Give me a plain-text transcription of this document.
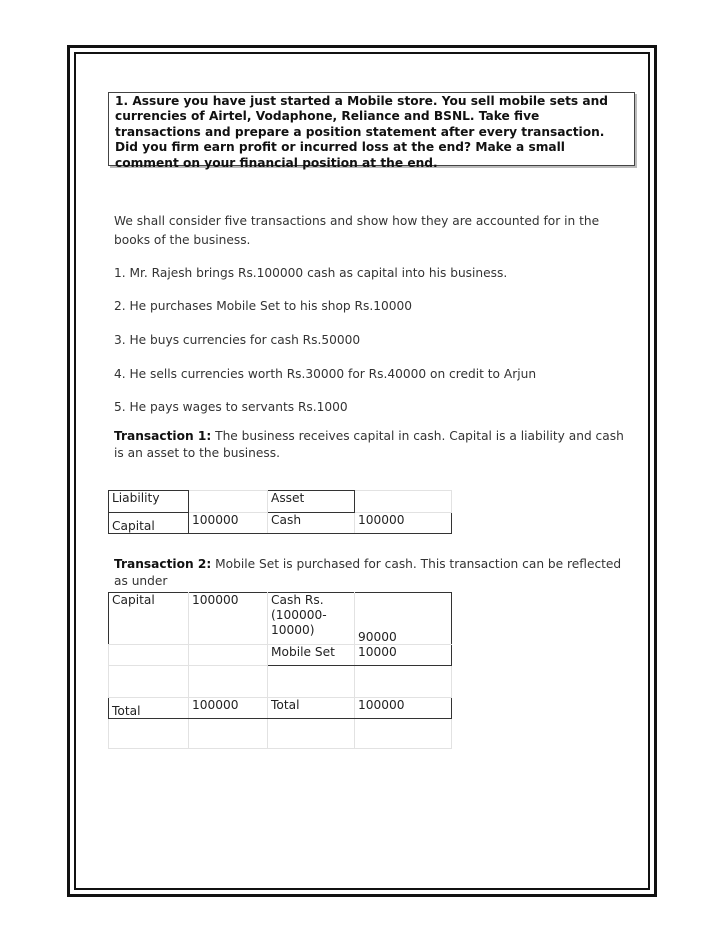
1. Assure you have just started a Mobile store. You sell mobile sets and currencies of Airtel, Vodaphone, Reliance and BSNL. Take five transactions and prepare a position statement after every transaction. Did you firm earn profit or incurred loss at the end? Make a small comment on your financial position at the end.
We shall consider five transactions and show how they are accounted for in the books of the business.
1. Mr. Rajesh brings Rs.100000 cash as capital into his business.
2. He purchases Mobile Set to his shop Rs.10000
3. He buys currencies for cash Rs.50000
4. He sells currencies worth Rs.30000 for Rs.40000 on credit to Arjun
5. He pays wages to servants Rs.1000
Transaction 1: The business receives capital in cash. Capital is a liability and cash is an asset to the business.
Liability		Asset	
Capital	100000	Cash	100000
Transaction 2: Mobile Set is purchased for cash. This transaction can be reflected as under
Capital	100000	Cash Rs. (100000-10000)	90000
		Mobile Set	10000

Total	100000	Total	100000
